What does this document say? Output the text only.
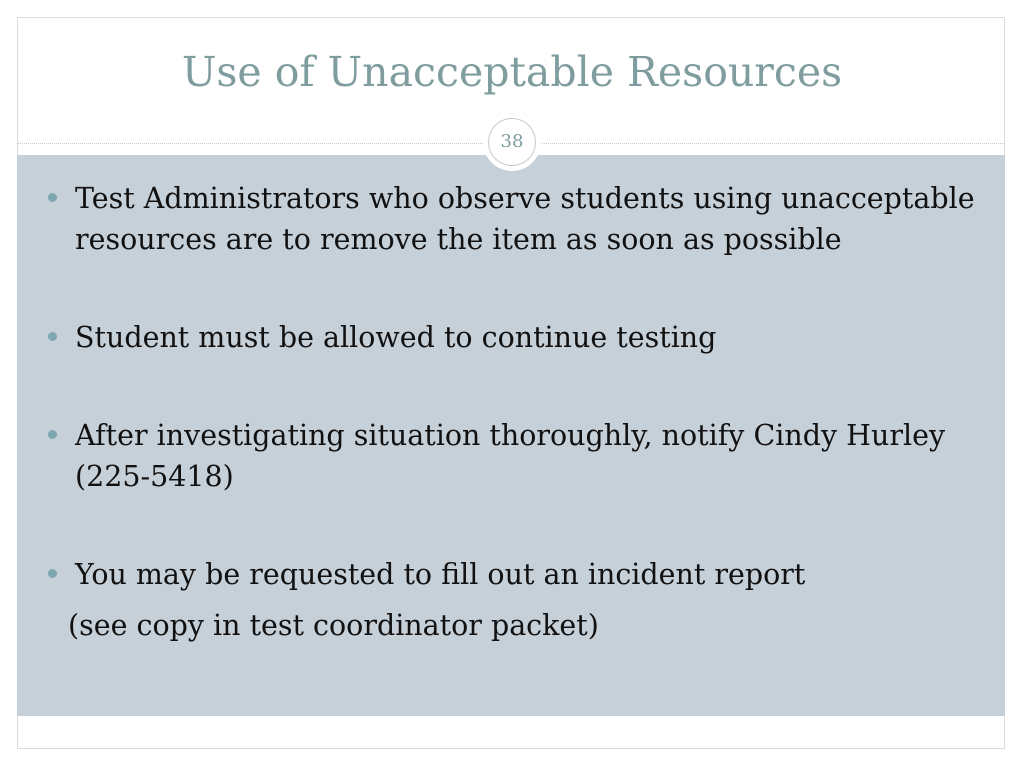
Use of Unacceptable Resources
38
Test Administrators who observe students using unacceptable resources are to remove the item as soon as possible
Student must be allowed to continue testing
After investigating situation thoroughly, notify Cindy Hurley (225-5418)
You may be requested to fill out an incident report
(see copy in test coordinator packet)
